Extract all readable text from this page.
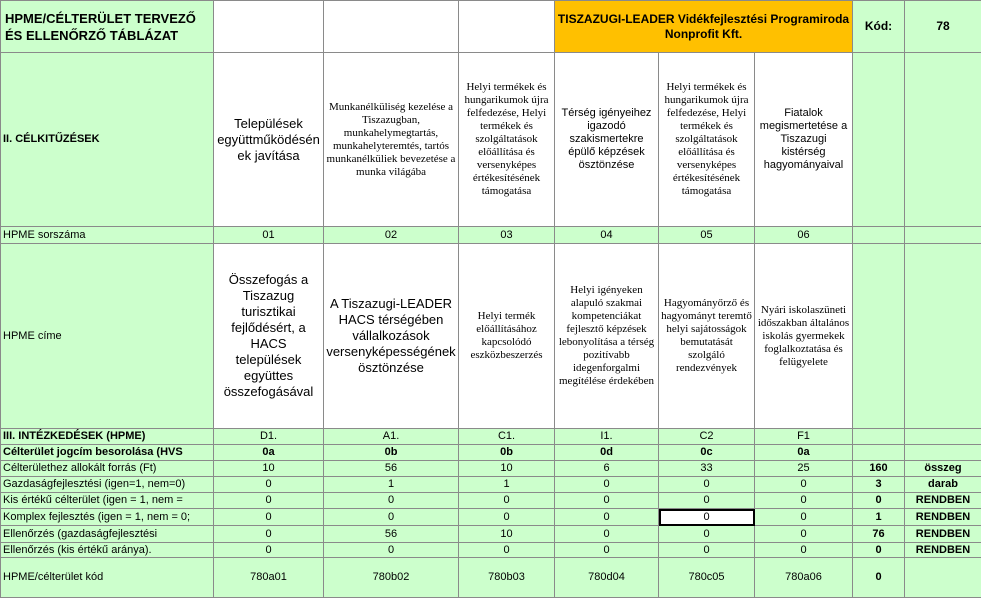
HPME/CÉLTERÜLET TERVEZŐ ÉS ELLENŐRZŐ TÁBLÁZAT				TISZAZUGI-LEADER Vidékfejlesztési Programiroda Nonprofit Kft.			Kód:	78
II. CÉLKITŰZÉSEK	Települések együttműködésén ek javítása	Munkanélküliség kezelése a Tiszazugban, munkahelymegtartás, munkahelyteremtés, tartós munkanélküliek bevezetése a munka világába	Helyi termékek és hungarikumok újra felfedezése, Helyi termékek és szolgáltatások előállítása és versenyképes értékesítésének támogatása	Térség igényeihez igazodó szakismertekre épülő képzések ösztönzése	Helyi termékek és hungarikumok újra felfedezése, Helyi termékek és szolgáltatások előállítása és versenyképes értékesítésének támogatása	Fiatalok megismertetése a Tiszazugi kistérség hagyományaival		
HPME sorszáma	01	02	03	04	05	06		
HPME címe	Összefogás a Tiszazug turisztikai fejlődésért, a HACS települések együttes összefogásával	A Tiszazugi-LEADER HACS térségében vállalkozások versenyképességének ösztönzése	Helyi termék előállításához kapcsolódó eszközbeszerzés	Helyi igényeken alapuló szakmai kompetenciákat fejlesztő képzések lebonyolítása a térség pozitívabb idegenforgalmi megítélése érdekében	Hagyományőrző és hagyományt teremtő helyi sajátosságok bemutatását szolgáló rendezvények	Nyári iskolaszüneti időszakban általános iskolás gyermekek foglalkoztatása és felügyelete		
III. INTÉZKEDÉSEK (HPME)	D1.	A1.	C1.	I1.	C2	F1		
Célterület jogcím besorolása (HVS	0a	0b	0b	0d	0c	0a		
Célterülethez allokált forrás (Ft)	10	56	10	6	33	25	160	összeg
Gazdaságfejlesztési (igen=1, nem=0)	0	1	1	0	0	0	3	darab
Kis értékű célterület (igen = 1, nem =	0	0	0	0	0	0	0	RENDBEN
Komplex fejlesztés (igen = 1, nem = 0;	0	0	0	0	0	0	1	RENDBEN
Ellenőrzés (gazdaságfejlesztési	0	56	10	0	0	0	76	RENDBEN
Ellenőrzés (kis értékű aránya).	0	0	0	0	0	0	0	RENDBEN
HPME/célterület kód	780a01	780b02	780b03	780d04	780c05	780a06	0	
